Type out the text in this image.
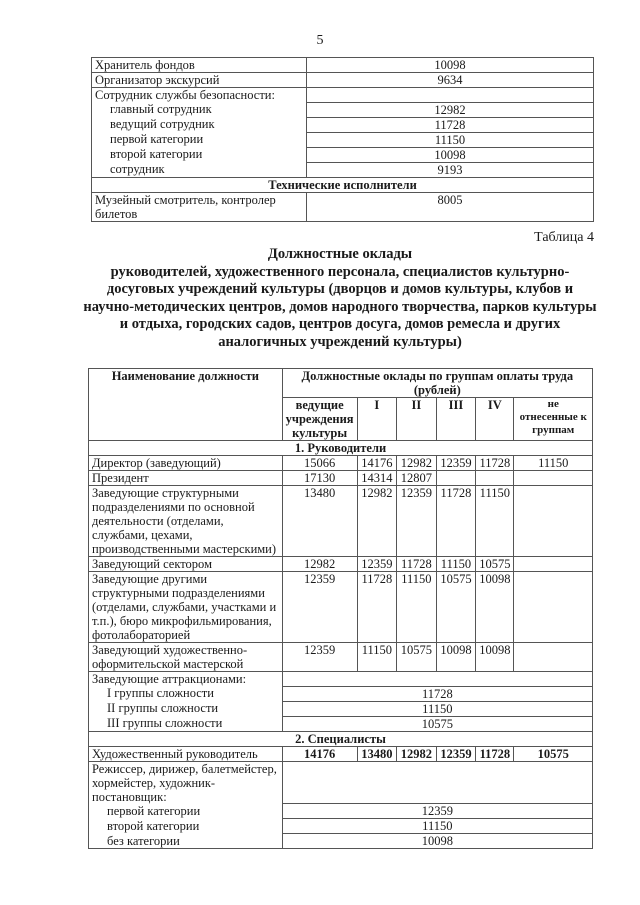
5
Хранитель фондов	10098
Организатор экскурсий	9634
Сотрудник службы безопасности:	
главный сотрудник	12982
ведущий сотрудник	11728
первой категории	11150
второй категории	10098
сотрудник	9193
Технические исполнители	
Музейный смотритель, контролер билетов	8005
Таблица 4
Должностные оклады
руководителей, художественного персонала, специалистов культурно-досуговых учреждений культуры (дворцов и домов культуры, клубов и научно-методических центров, домов народного творчества, парков культуры и отдыха, городских садов, центров досуга, домов ремесла и других аналогичных учреждений культуры)
Наименование должности	Должностные оклады по группам оплаты труда (рублей)					
	ведущие учреждения культуры	I	II	III	IV	не отнесенные к группам
1. Руководители						
Директор (заведующий)	15066	14176	12982	12359	11728	11150
Президент	17130	14314	12807			
Заведующие структурными подразделениями по основной деятельности (отделами, службами, цехами, производственными мастерскими)	13480	12982	12359	11728	11150	
Заведующий сектором	12982	12359	11728	11150	10575	
Заведующие другими структурными подразделениями (отделами, службами, участками и т.п.), бюро микрофильмирования, фотолабораторией	12359	11728	11150	10575	10098	
Заведующий художественно-оформительской мастерской	12359	11150	10575	10098	10098	
Заведующие аттракционами:						
I группы сложности	11728					
II группы сложности	11150					
III группы сложности	10575					
2. Специалисты						
Художественный руководитель	14176	13480	12982	12359	11728	10575
Режиссер, дирижер, балетмейстер, хормейстер, художник-постановщик:						
первой категории	12359					
второй категории	11150					
без категории	10098					
